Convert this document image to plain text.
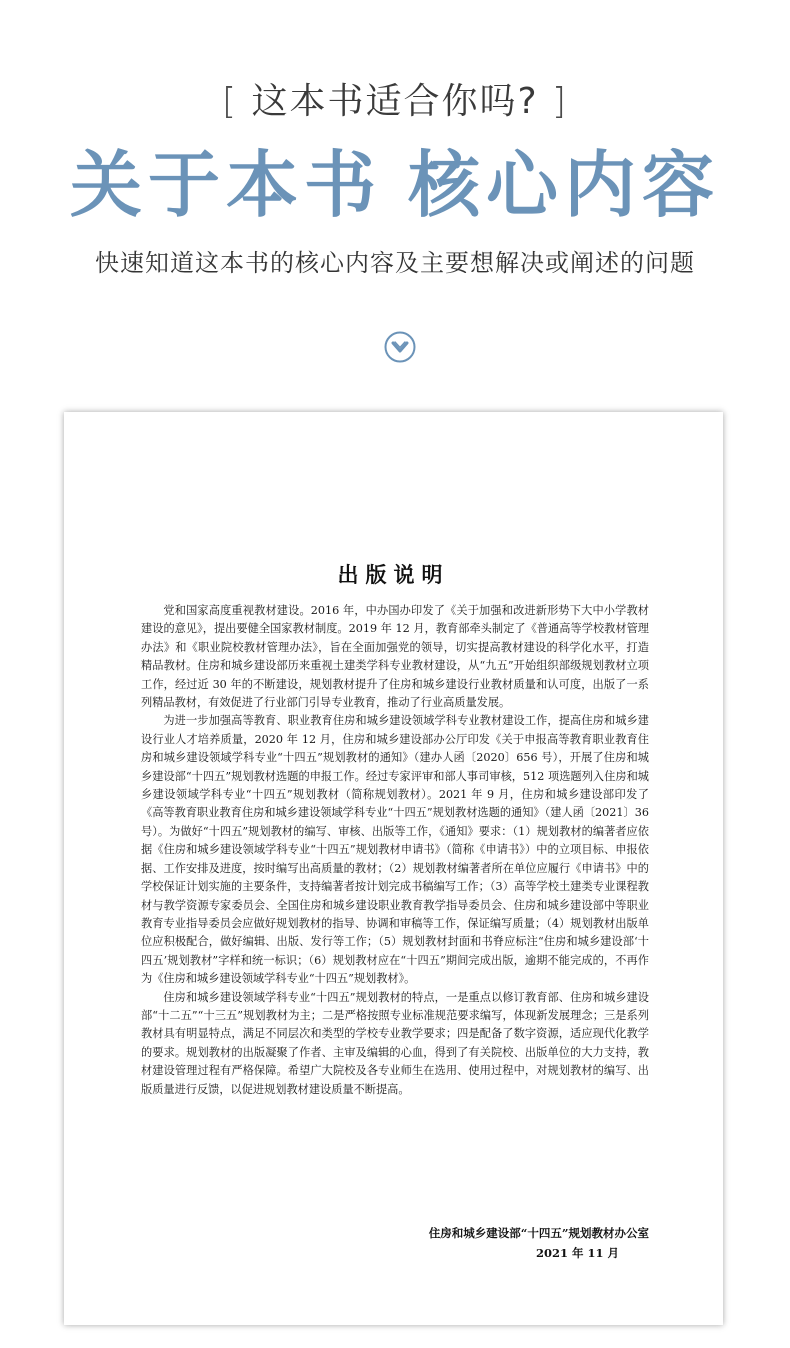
[ 这本书适合你吗? ]
关于本书 核心内容
快速知道这本书的核心内容及主要想解决或阐述的问题
出版说明

党和国家高度重视教材建设。2016 年，中办国办印发了《关于加强和改进新形势下大中小学教材建设的意见》，提出要健全国家教材制度。2019 年 12 月，教育部牵头制定了《普通高等学校教材管理办法》和《职业院校教材管理办法》，旨在全面加强党的领导，切实提高教材建设的科学化水平，打造精品教材。住房和城乡建设部历来重视土建类学科专业教材建设，从“九五”开始组织部级规划教材立项工作，经过近 30 年的不断建设，规划教材提升了住房和城乡建设行业教材质量和认可度，出版了一系列精品教材，有效促进了行业部门引导专业教育，推动了行业高质量发展。

为进一步加强高等教育、职业教育住房和城乡建设领域学科专业教材建设工作，提高住房和城乡建设行业人才培养质量，2020 年 12 月，住房和城乡建设部办公厅印发《关于申报高等教育职业教育住房和城乡建设领域学科专业“十四五”规划教材的通知》（建办人函〔2020〕656 号），开展了住房和城乡建设部“十四五”规划教材选题的申报工作。经过专家评审和部人事司审核，512 项选题列入住房和城乡建设领域学科专业“十四五”规划教材（简称规划教材）。2021 年 9 月，住房和城乡建设部印发了《高等教育职业教育住房和城乡建设领域学科专业“十四五”规划教材选题的通知》（建人函〔2021〕36 号）。为做好“十四五”规划教材的编写、审核、出版等工作，《通知》要求：（1）规划教材的编著者应依据《住房和城乡建设领域学科专业“十四五”规划教材申请书》（简称《申请书》）中的立项目标、申报依据、工作安排及进度，按时编写出高质量的教材；（2）规划教材编著者所在单位应履行《申请书》中的学校保证计划实施的主要条件，支持编著者按计划完成书稿编写工作；（3）高等学校土建类专业课程教材与教学资源专家委员会、全国住房和城乡建设职业教育教学指导委员会、住房和城乡建设部中等职业教育专业指导委员会应做好规划教材的指导、协调和审稿等工作，保证编写质量；（4）规划教材出版单位应积极配合，做好编辑、出版、发行等工作；（5）规划教材封面和书脊应标注“住房和城乡建设部‘十四五’规划教材”字样和统一标识；（6）规划教材应在“十四五”期间完成出版，逾期不能完成的，不再作为《住房和城乡建设领域学科专业“十四五”规划教材》。

住房和城乡建设领域学科专业“十四五”规划教材的特点，一是重点以修订教育部、住房和城乡建设部“十二五”“十三五”规划教材为主；二是严格按照专业标准规范要求编写，体现新发展理念；三是系列教材具有明显特点，满足不同层次和类型的学校专业教学要求；四是配备了数字资源，适应现代化教学的要求。规划教材的出版凝聚了作者、主审及编辑的心血，得到了有关院校、出版单位的大力支持，教材建设管理过程有严格保障。希望广大院校及各专业师生在选用、使用过程中，对规划教材的编写、出版质量进行反馈，以促进规划教材建设质量不断提高。

住房和城乡建设部“十四五”规划教材办公室
2021 年 11 月
